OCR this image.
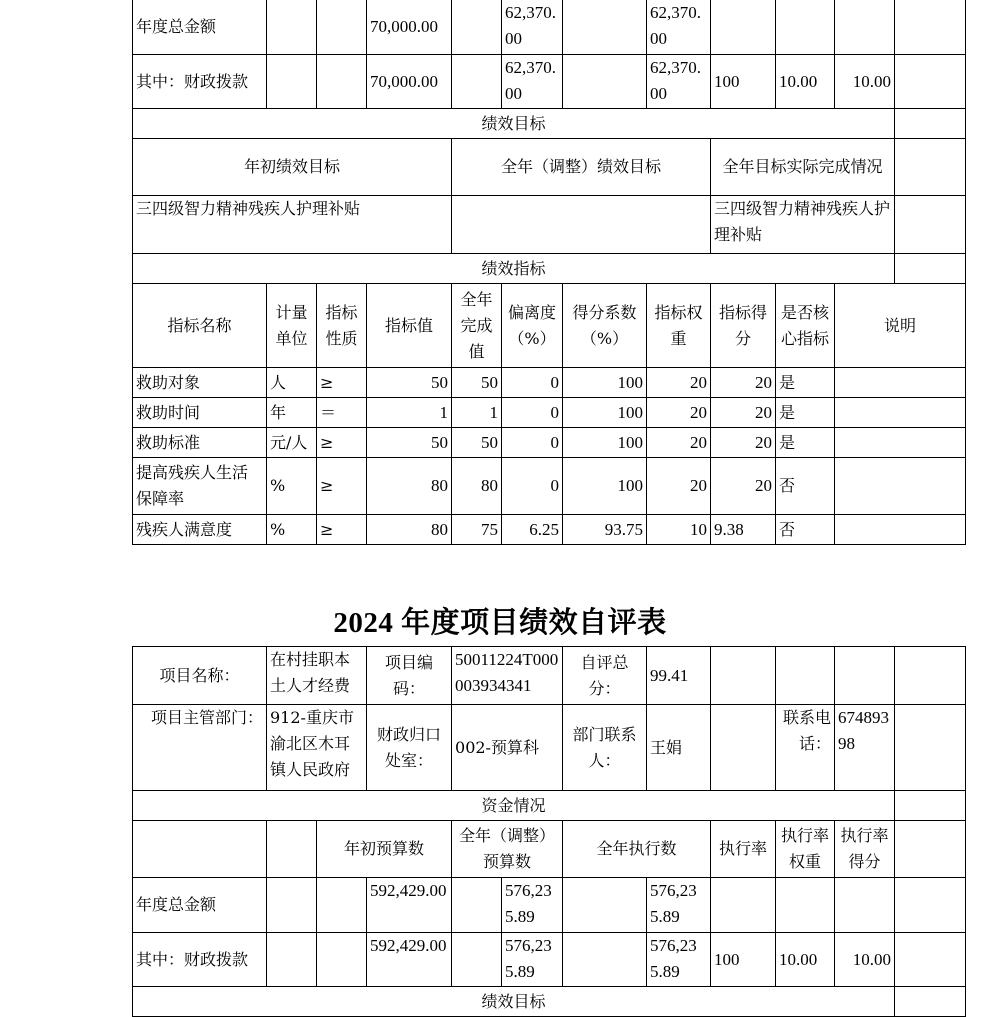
年度总金额			70,000.00		62,370.00		62,370.00				
其中：财政拨款			70,000.00		62,370.00		62,370.00	100	10.00	10.00	
绩效目标											
年初绩效目标				全年（调整）绩效目标				全年目标实际完成情况			
三四级智力精神残疾人护理补贴								三四级智力精神残疾人护理补贴			
绩效指标											
指标名称	计量单位	指标性质	指标值	全年完成值	偏离度（%）	得分系数（%）	指标权重	指标得分	是否核心指标	说明	
救助对象	人	≥	50	50	0	100	20	20	是		
救助时间	年	＝	1	1	0	100	20	20	是		
救助标准	元/人	≥	50	50	0	100	20	20	是		
提高残疾人生活保障率	%	≥	80	80	0	100	20	20	否		
残疾人满意度	%	≥	80	75	6.25	93.75	10	9.38	否		
2024 年度项目绩效自评表
项目名称：	在村挂职本土人才经费		项目编码：	50011224T000003934341		自评总分：	99.41				
项目主管部门：	912-重庆市渝北区木耳镇人民政府		财政归口处室：	002-预算科		部门联系人：	王娟		联系电话：	67489398	
资金情况											
		年初预算数		全年（调整）预算数		全年执行数		执行率	执行率权重	执行率得分	
年度总金额			592,429.00		576,235.89		576,235.89				
其中：财政拨款			592,429.00		576,235.89		576,235.89	100	10.00	10.00	
绩效目标											
